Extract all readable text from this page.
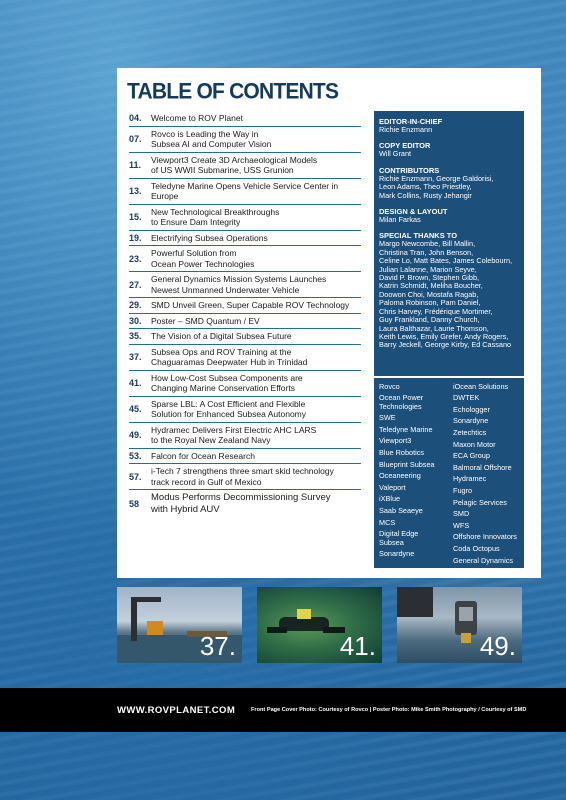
TABLE OF CONTENTS
04.	Welcome to ROV Planet
07.
Rovco is Leading the Way in
Subsea AI and Computer Vision
11.
Viewport3 Create 3D Archaeological Models
of US WWII Submarine, USS Grunion
13.
Teledyne Marine Opens Vehicle Service Center in Europe
15.
New Technological Breakthroughs
to Ensure Dam Integrity
19.	Electrifying Subsea Operations
23.
Powerful Solution from
Ocean Power Technologies
27.
General Dynamics Mission Systems Launches
Newest Unmanned Underwater Vehicle
29.	SMD Unveil Green, Super Capable ROV Technology
30.	Poster – SMD Quantum / EV
35.	The Vision of a Digital Subsea Future
37.
Subsea Ops and ROV Training at the
Chaguaramas Deepwater Hub in Trinidad
41.
How Low-Cost Subsea Components are
Changing Marine Conservation Efforts
45.
Sparse LBL: A Cost Efficient and Flexible
Solution for Enhanced Subsea Autonomy
49.
Hydramec Delivers First Electric AHC LARS
to the Royal New Zealand Navy
53.	Falcon for Ocean Research
57.
i-Tech 7 strengthens three smart skid technology
track record in Gulf of Mexico
58
Modus Performs Decommissioning Survey
with Hybrid AUV
EDITOR-IN-CHIEF
Richie Enzmann
COPY EDITOR
Will Grant
CONTRIBUTORS
Richie Enzmann, George Galdorisi,
Leon Adams, Theo Priestley,
Mark Collins, Rusty Jehangir
DESIGN & LAYOUT
Milan Farkas
SPECIAL THANKS TO
Margo Newcombe, Bill Mallin,
Christina Tran, John Benson,
Celine Lo, Matt Bates, James Colebourn,
Julian Lalanne, Marion Seyve,
David P. Brown, Stephen Gibb,
Katrin Schmidt, Meliha Boucher,
Doowon Choi, Mostafa Ragab,
Paloma Robinson, Pam Daniel,
Chris Harvey, Frédérique Mortimer,
Guy Frankland, Danny Church,
Laura Balthazar, Laurie Thomson,
Keith Lewis, Emily Grefer, Andy Rogers,
Barry Jeckell, George Kirby, Ed Cassano
Rovco
Ocean Power
Technologies
SWE
Teledyne Marine
Viewport3
Blue Robotics
Blueprint Subsea
Oceaneering
Valeport
iXBlue
Saab Seaeye
MCS
Digital Edge
Subsea
Sonardyne
iOcean Solutions
DWTEK
Echologger
Sonardyne
Zetechtics
Maxon Motor
ECA Group
Balmoral Offshore
Hydramec
Fugro
Pelagic Services
SMD
WFS
Offshore Innovators
Coda Octopus
General Dynamics
37.	41.	49.
WWW.ROVPLANET.COM	Front Page Cover Photo: Courtesy of Rovco | Poster Photo: Mike Smith Photography / Courtesy of SMD
